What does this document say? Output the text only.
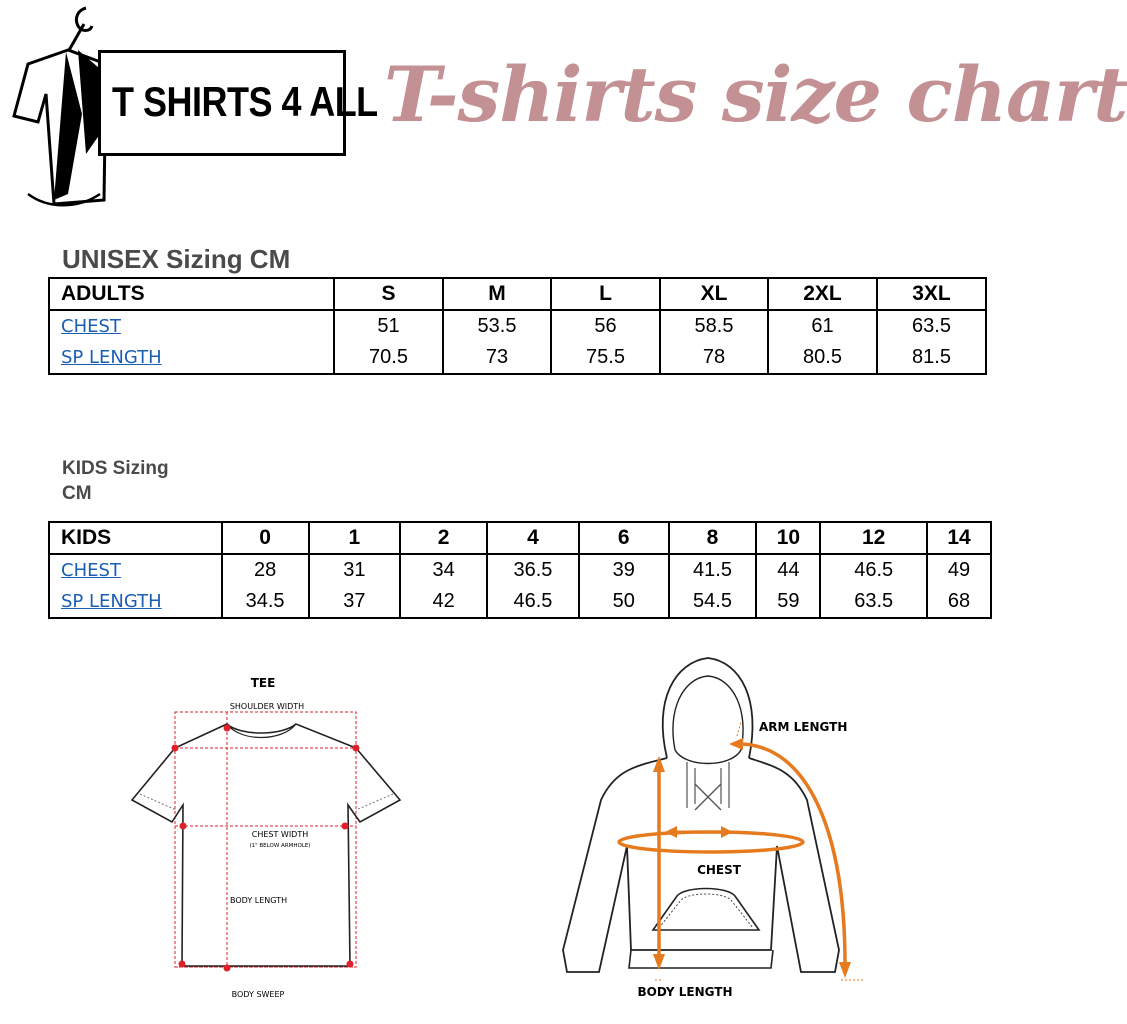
T SHIRTS 4 ALL T-shirts size chart
UNISEX Sizing CM
ADULTS	S	M	L	XL	2XL	3XL
CHEST	51	53.5	56	58.5	61	63.5
SP LENGTH	70.5	73	75.5	78	80.5	81.5
KIDS Sizing CM
KIDS	0	1	2	4	6	8	10	12	14
CHEST	28	31	34	36.5	39	41.5	44	46.5	49
SP LENGTH	34.5	37	42	46.5	50	54.5	59	63.5	68
TEE
SHOULDER WIDTH
CHEST WIDTH
(1" BELOW ARMHOLE)
BODY LENGTH
BODY SWEEP
ARM LENGTH
CHEST
BODY LENGTH
